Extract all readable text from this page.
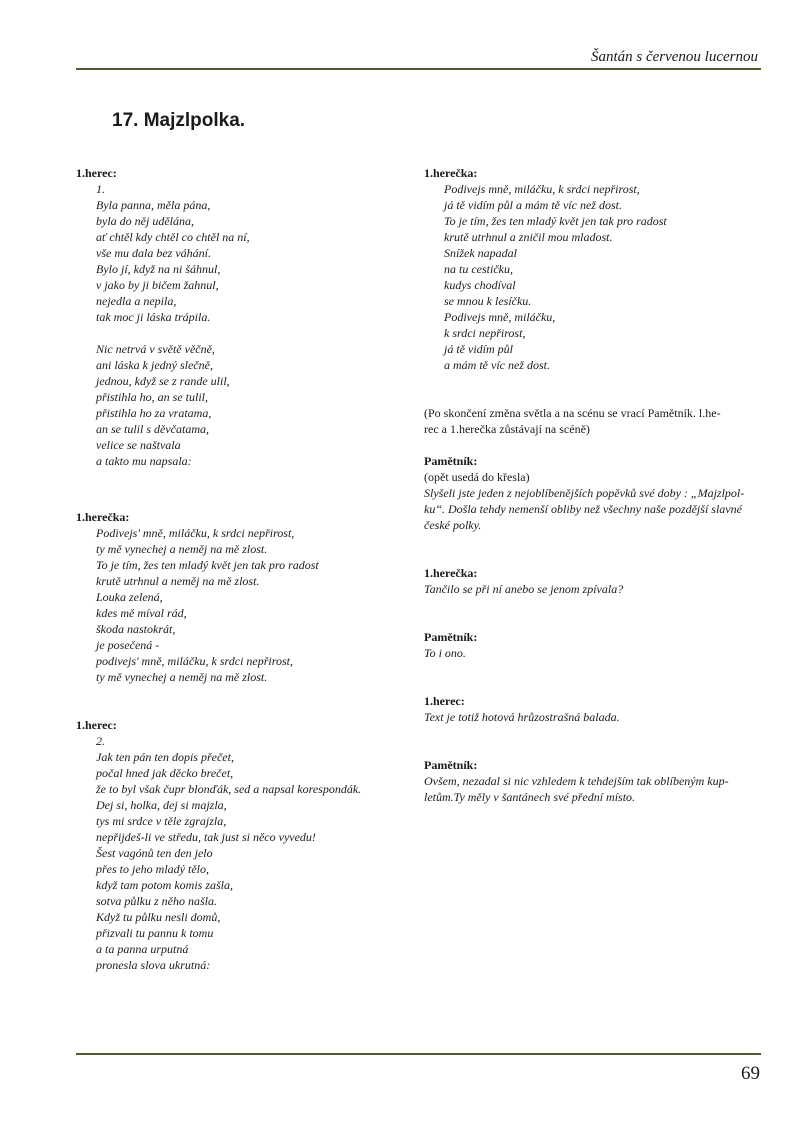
Šantán s červenou lucernou
17. Majzlpolka.
1.herec:
1.
Byla panna, měla pána,
byla do něj udělána,
ať chtěl kdy chtěl co chtěl na ní,
vše mu dala bez váhání.
Bylo jí, když na ni šáhnul,
v jako by ji bičem žahnul,
nejedla a nepila,
tak moc ji láska trápila.
Nic netrvá v světě věčně,
ani láska k jedný slečně,
jednou, když se z rande ulil,
přistihla ho, an se tulil,
přistihla ho za vratama,
an se tulil s děvčatama,
velice se naštvala
a takto mu napsala:
1.herečka:
Podivejs' mně, miláčku, k srdci nepřirost,
ty mě vynechej a neměj na mě zlost.
To je tím, žes ten mladý květ jen tak pro radost
krutě utrhnul a neměj na mě zlost.
Louka zelená,
kdes mě míval rád,
škoda nastokrát,
je posečená -
podivejs' mně, miláčku, k srdci nepřirost,
ty mě vynechej a neměj na mě zlost.
1.herec:
2.
Jak ten pán ten dopis přečet,
počal hned jak děcko brečet,
že to byl však čupr blonďák, sed a napsal korespondák.
Dej si, holka, dej si majzla,
tys mi srdce v těle zgrajzla,
nepřijdeš-li ve středu, tak just si něco vyvedu!
Šest vagónů ten den jelo
přes to jeho mladý tělo,
když tam potom komis zašla,
sotva půlku z něho našla.
Když tu půlku nesli domů,
přizvali tu pannu k tomu
a ta panna urputná
pronesla slova ukrutná:
1.herečka:
Podivejs mně, miláčku, k srdci nepřirost,
já tě vidím půl a mám tě víc než dost.
To je tím, žes ten mladý květ jen tak pro radost
krutě utrhnul a zničil mou mladost.
Snížek napadal
na tu cestičku,
kudys chodíval
se mnou k lesíčku.
Podivejs mně, miláčku,
k srdci nepřirost,
já tě vidím půl
a mám tě víc než dost.
(Po skončení změna světla a na scénu se vrací Pamětník. l.he-
rec a 1.herečka zůstávají na scéně)
Pamětník:
(opět usedá do křesla)
Slyšeli jste jeden z nejoblíbenějších popěvků své doby : „Majzlpol-
ku“. Došla tehdy nemenší obliby než všechny naše pozdější slavné
české polky.
1.herečka:
Tančilo se při ní anebo se jenom zpívala?
Pamětník:
To i ono.
1.herec:
Text je totiž hotová hrůzostrašná balada.
Pamětník:
Ovšem, nezadal si nic vzhledem k tehdejším tak oblíbeným kup-
letům.Ty měly v šantánech své přední místo.
69
